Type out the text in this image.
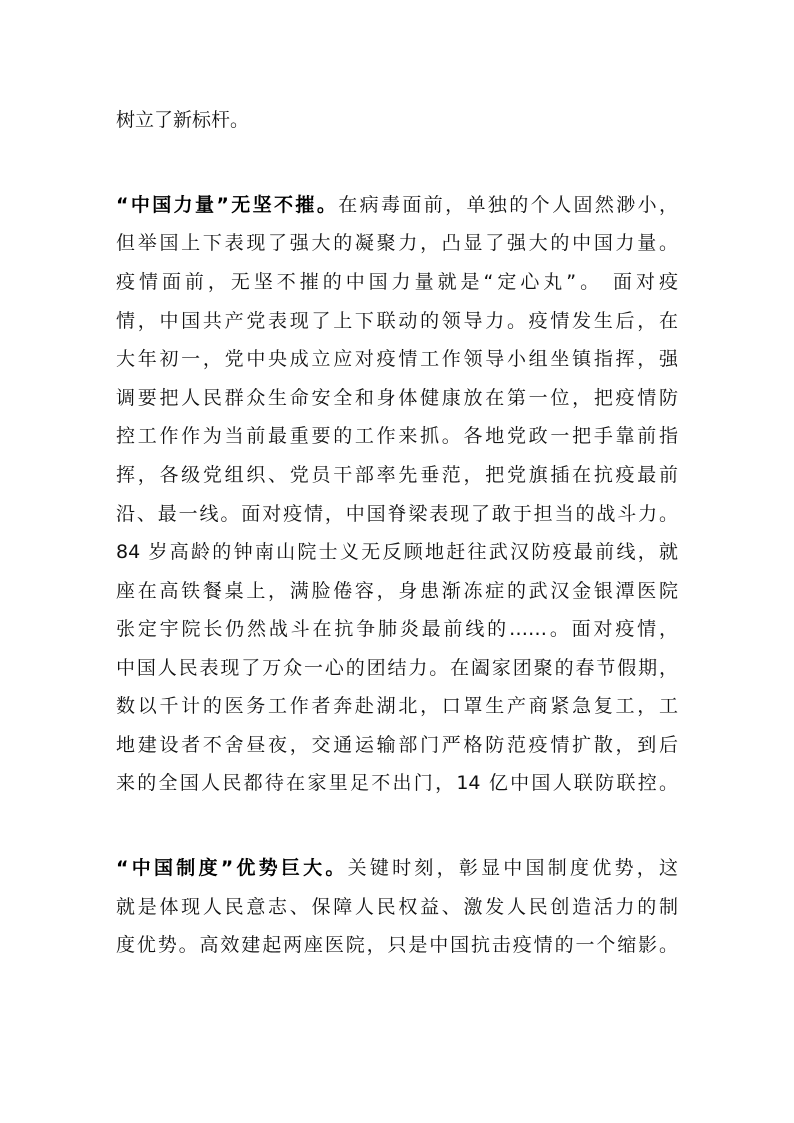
树立了新标杆。
“中国力量”无坚不摧。在病毒面前，单独的个人固然渺小，
但举国上下表现了强大的凝聚力，凸显了强大的中国力量。
疫情面前，无坚不摧的中国力量就是“定心丸”。 面对疫
情，中国共产党表现了上下联动的领导力。疫情发生后，在
大年初一，党中央成立应对疫情工作领导小组坐镇指挥，强
调要把人民群众生命安全和身体健康放在第一位，把疫情防
控工作作为当前最重要的工作来抓。各地党政一把手靠前指
挥，各级党组织、党员干部率先垂范，把党旗插在抗疫最前
沿、最一线。面对疫情，中国脊梁表现了敢于担当的战斗力。
84 岁高龄的钟南山院士义无反顾地赶往武汉防疫最前线，就
座在高铁餐桌上，满脸倦容，身患渐冻症的武汉金银潭医院
张定宇院长仍然战斗在抗争肺炎最前线的……。面对疫情，
中国人民表现了万众一心的团结力。在阖家团聚的春节假期，
数以千计的医务工作者奔赴湖北，口罩生产商紧急复工，工
地建设者不舍昼夜，交通运输部门严格防范疫情扩散，到后
来的全国人民都待在家里足不出门，14 亿中国人联防联控。
“中国制度”优势巨大。关键时刻，彰显中国制度优势，这
就是体现人民意志、保障人民权益、激发人民创造活力的制
度优势。高效建起两座医院，只是中国抗击疫情的一个缩影。
